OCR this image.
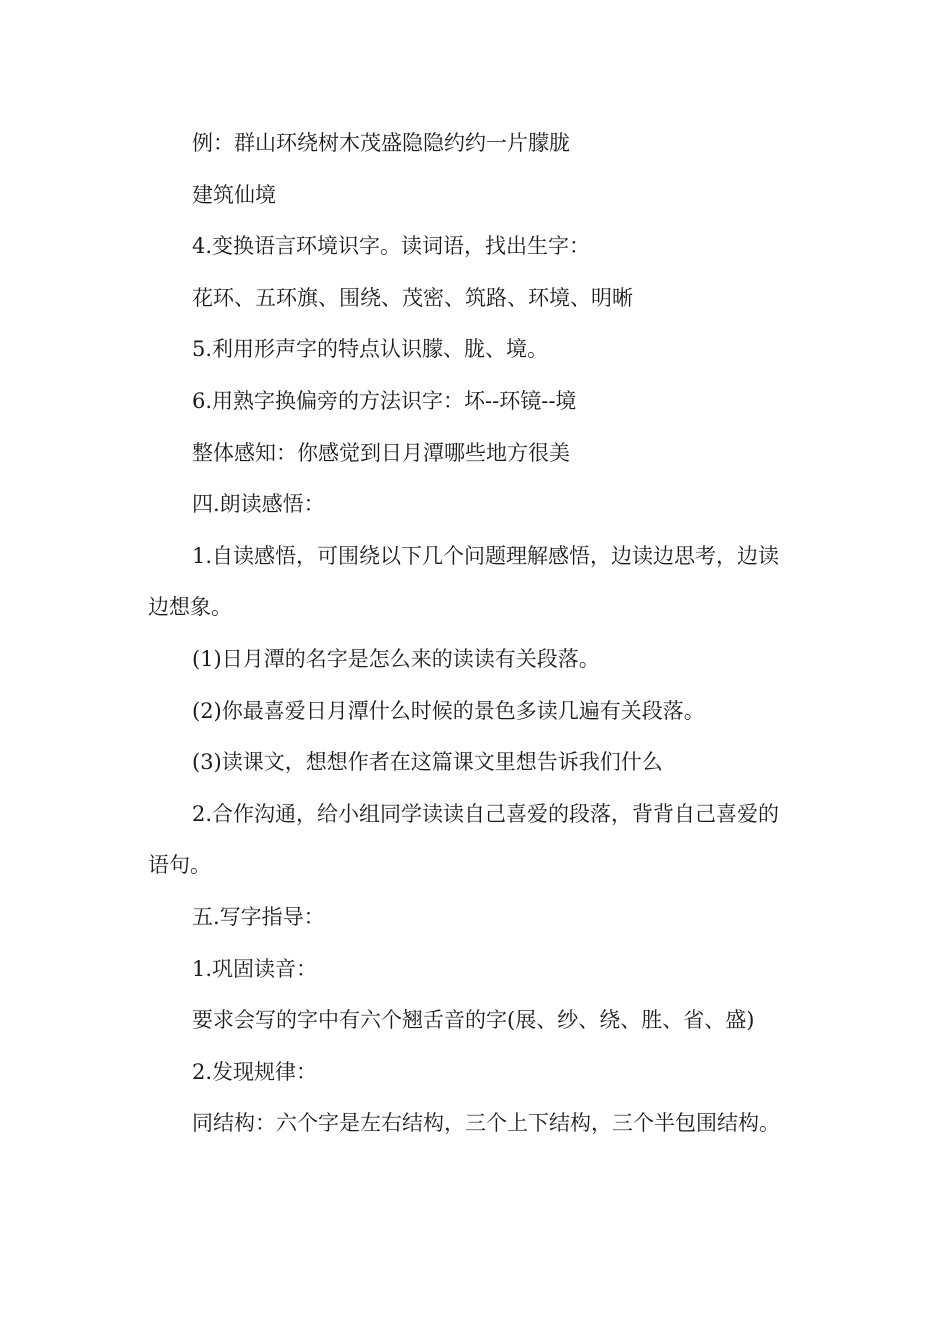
例：群山环绕树木茂盛隐隐约约一片朦胧

建筑仙境

4.变换语言环境识字。读词语，找出生字：

花环、五环旗、围绕、茂密、筑路、环境、明晰

5.利用形声字的特点认识朦、胧、境。

6.用熟字换偏旁的方法识字：坏--环镜--境

整体感知：你感觉到日月潭哪些地方很美

四.朗读感悟：

1.自读感悟，可围绕以下几个问题理解感悟，边读边思考，边读边想象。

(1)日月潭的名字是怎么来的读读有关段落。

(2)你最喜爱日月潭什么时候的景色多读几遍有关段落。

(3)读课文，想想作者在这篇课文里想告诉我们什么

2.合作沟通，给小组同学读读自己喜爱的段落，背背自己喜爱的语句。

五.写字指导：

1.巩固读音：

要求会写的字中有六个翘舌音的字(展、纱、绕、胜、省、盛)

2.发现规律：

同结构：六个字是左右结构，三个上下结构，三个半包围结构。
